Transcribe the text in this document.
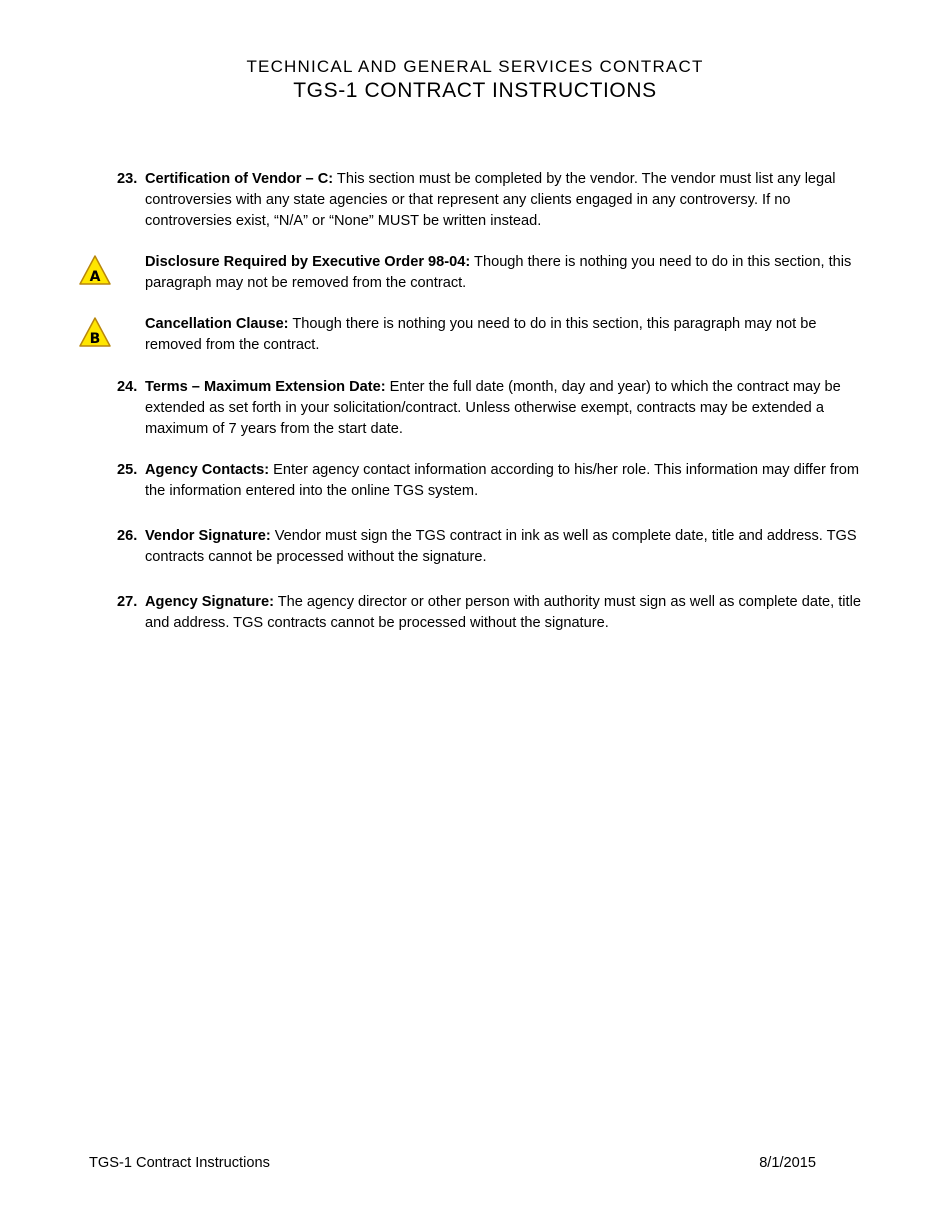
TECHNICAL AND GENERAL SERVICES CONTRACT
TGS-1 CONTRACT INSTRUCTIONS
23. Certification of Vendor – C: This section must be completed by the vendor. The vendor must list any legal controversies with any state agencies or that represent any clients engaged in any controversy. If no controversies exist, “N/A” or “None” MUST be written instead.
A
Disclosure Required by Executive Order 98-04: Though there is nothing you need to do in this section, this paragraph may not be removed from the contract.
B
Cancellation Clause: Though there is nothing you need to do in this section, this paragraph may not be removed from the contract.
24. Terms – Maximum Extension Date: Enter the full date (month, day and year) to which the contract may be extended as set forth in your solicitation/contract. Unless otherwise exempt, contracts may be extended a maximum of 7 years from the start date.
25. Agency Contacts: Enter agency contact information according to his/her role. This information may differ from the information entered into the online TGS system.
26. Vendor Signature: Vendor must sign the TGS contract in ink as well as complete date, title and address. TGS contracts cannot be processed without the signature.
27. Agency Signature: The agency director or other person with authority must sign as well as complete date, title and address. TGS contracts cannot be processed without the signature.
TGS-1 Contract Instructions	8/1/2015
